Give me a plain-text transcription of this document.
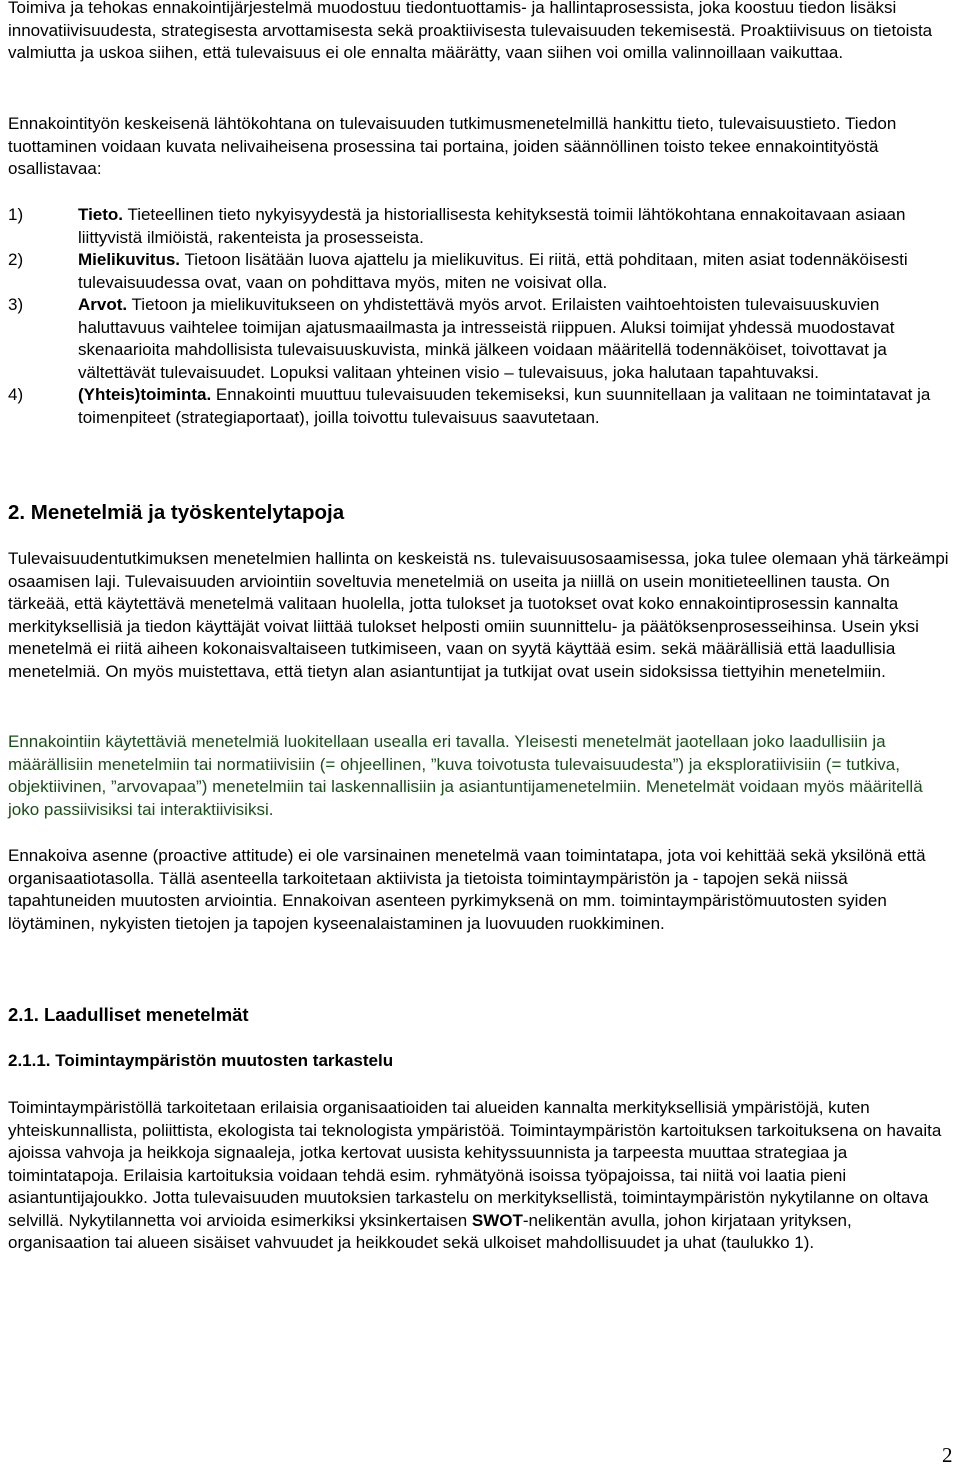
Toimiva ja tehokas ennakointijärjestelmä muodostuu tiedontuottamis- ja hallintaprosessista, joka koostuu tiedon lisäksi innovatiivisuudesta, strategisesta arvottamisesta sekä proaktiivisesta tulevaisuuden tekemisestä. Proaktiivisuus on tietoista valmiutta ja uskoa siihen, että tulevaisuus ei ole ennalta määrätty, vaan siihen voi omilla valinnoillaan vaikuttaa.

Ennakointityön keskeisenä lähtökohtana on tulevaisuuden tutkimusmenetelmillä hankittu tieto, tulevaisuustieto. Tiedon tuottaminen voidaan kuvata nelivaiheisena prosessina tai portaina, joiden säännöllinen toisto tekee ennakointityöstä osallistavaa:

1)	Tieto. Tieteellinen tieto nykyisyydestä ja historiallisesta kehityksestä toimii lähtökohtana ennakoitavaan asiaan liittyvistä ilmiöistä, rakenteista ja prosesseista.
2)	Mielikuvitus. Tietoon lisätään luova ajattelu ja mielikuvitus. Ei riitä, että pohditaan, miten asiat todennäköisesti tulevaisuudessa ovat, vaan on pohdittava myös, miten ne voisivat olla.
3)	Arvot. Tietoon ja mielikuvitukseen on yhdistettävä myös arvot. Erilaisten vaihtoehtoisten tulevaisuuskuvien haluttavuus vaihtelee toimijan ajatusmaailmasta ja intresseistä riippuen. Aluksi toimijat yhdessä muodostavat skenaarioita mahdollisista tulevaisuuskuvista, minkä jälkeen voidaan määritellä todennäköiset, toivottavat ja vältettävät tulevaisuudet. Lopuksi valitaan yhteinen visio – tulevaisuus, joka halutaan tapahtuvaksi.
4)	(Yhteis)toiminta. Ennakointi muuttuu tulevaisuuden tekemiseksi, kun suunnitellaan ja valitaan ne toimintatavat ja toimenpiteet (strategiaportaat), joilla toivottu tulevaisuus saavutetaan.
2. Menetelmiä ja työskentelytapoja

Tulevaisuudentutkimuksen menetelmien hallinta on keskeistä ns. tulevaisuusosaamisessa, joka tulee olemaan yhä tärkeämpi osaamisen laji. Tulevaisuuden arviointiin soveltuvia menetelmiä on useita ja niillä on usein monitieteellinen tausta. On tärkeää, että käytettävä menetelmä valitaan huolella, jotta tulokset ja tuotokset ovat koko ennakointiprosessin kannalta merkityksellisiä ja tiedon käyttäjät voivat liittää tulokset helposti omiin suunnittelu- ja päätöksenprosesseihinsa. Usein yksi menetelmä ei riitä aiheen kokonaisvaltaiseen tutkimiseen, vaan on syytä käyttää esim. sekä määrällisiä että laadullisia menetelmiä. On myös muistettava, että tietyn alan asiantuntijat ja tutkijat ovat usein sidoksissa tiettyihin menetelmiin.

Ennakointiin käytettäviä menetelmiä luokitellaan usealla eri tavalla. Yleisesti menetelmät jaotellaan joko laadullisiin ja määrällisiin menetelmiin tai normatiivisiin (= ohjeellinen, ”kuva toivotusta tulevaisuudesta”) ja eksploratiivisiin (= tutkiva, objektiivinen, ”arvovapaa”) menetelmiin tai laskennallisiin ja asiantuntijamenetelmiin. Menetelmät voidaan myös määritellä joko passiivisiksi tai interaktiivisiksi.

Ennakoiva asenne (proactive attitude) ei ole varsinainen menetelmä vaan toimintatapa, jota voi kehittää sekä yksilönä että organisaatiotasolla. Tällä asenteella tarkoitetaan aktiivista ja tietoista toimintaympäristön ja - tapojen sekä niissä tapahtuneiden muutosten arviointia. Ennakoivan asenteen pyrkimyksenä on mm. toimintaympäristömuutosten syiden löytäminen, nykyisten tietojen ja tapojen kyseenalaistaminen ja luovuuden ruokkiminen.

2.1. Laadulliset menetelmät
2.1.1. Toimintaympäristön muutosten tarkastelu

Toimintaympäristöllä tarkoitetaan erilaisia organisaatioiden tai alueiden kannalta merkityksellisiä ympäristöjä, kuten yhteiskunnallista, poliittista, ekologista tai teknologista ympäristöä. Toimintaympäristön kartoituksen tarkoituksena on havaita ajoissa vahvoja ja heikkoja signaaleja, jotka kertovat uusista kehityssuunnista ja tarpeesta muuttaa strategiaa ja toimintatapoja. Erilaisia kartoituksia voidaan tehdä esim. ryhmätyönä isoissa työpajoissa, tai niitä voi laatia pieni asiantuntijajoukko. Jotta tulevaisuuden muutoksien tarkastelu on merkityksellistä, toimintaympäristön nykytilanne on oltava selvillä. Nykytilannetta voi arvioida esimerkiksi yksinkertaisen SWOT-nelikentän avulla, johon kirjataan yrityksen, organisaation tai alueen sisäiset vahvuudet ja heikkoudet sekä ulkoiset mahdollisuudet ja uhat (taulukko 1).

2
